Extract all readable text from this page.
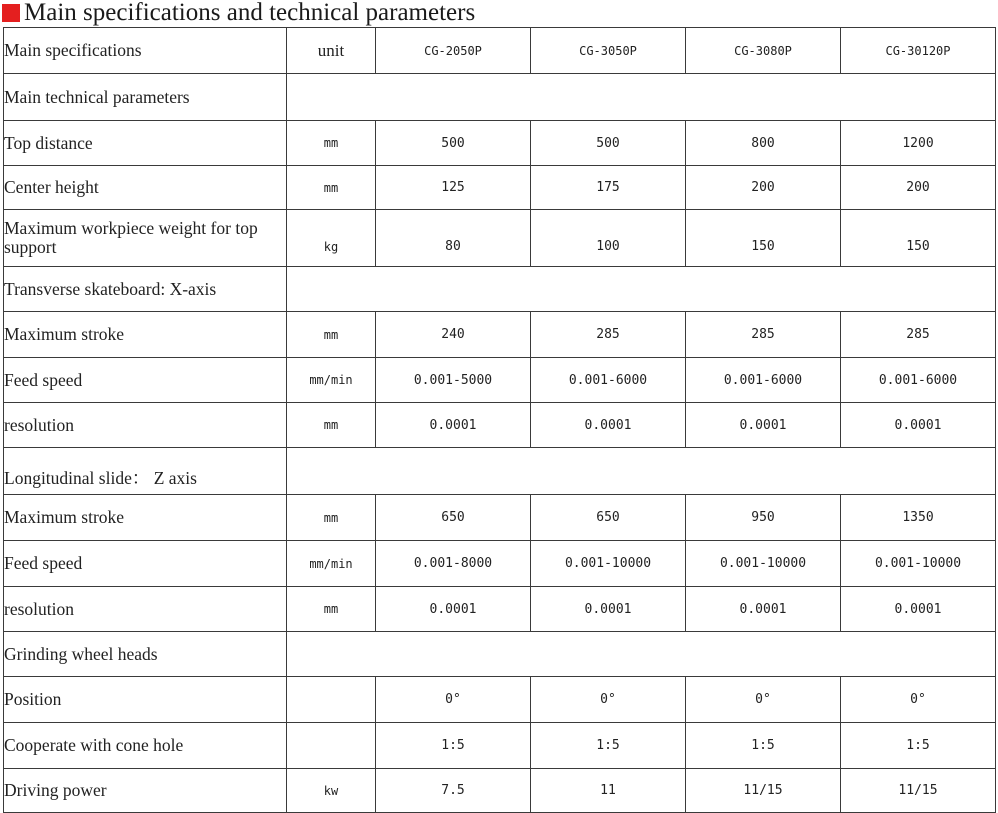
Main specifications and technical parameters
Main specifications	unit	CG-2050P	CG-3050P	CG-3080P	CG-30120P
Main technical parameters					
Top distance	mm	500	500	800	1200
Center height	mm	125	175	200	200
Maximum workpiece weight for top support	kg	80	100	150	150
Transverse skateboard: X-axis					
Maximum stroke	mm	240	285	285	285
Feed speed	mm/min	0.001-5000	0.001-6000	0.001-6000	0.001-6000
resolution	mm	0.0001	0.0001	0.0001	0.0001
Longitudinal slide： Z axis					
Maximum stroke	mm	650	650	950	1350
Feed speed	mm/min	0.001-8000	0.001-10000	0.001-10000	0.001-10000
resolution	mm	0.0001	0.0001	0.0001	0.0001
Grinding wheel heads					
Position		0°	0°	0°	0°
Cooperate with cone hole		1:5	1:5	1:5	1:5
Driving power	kw	7.5	11	11/15	11/15
